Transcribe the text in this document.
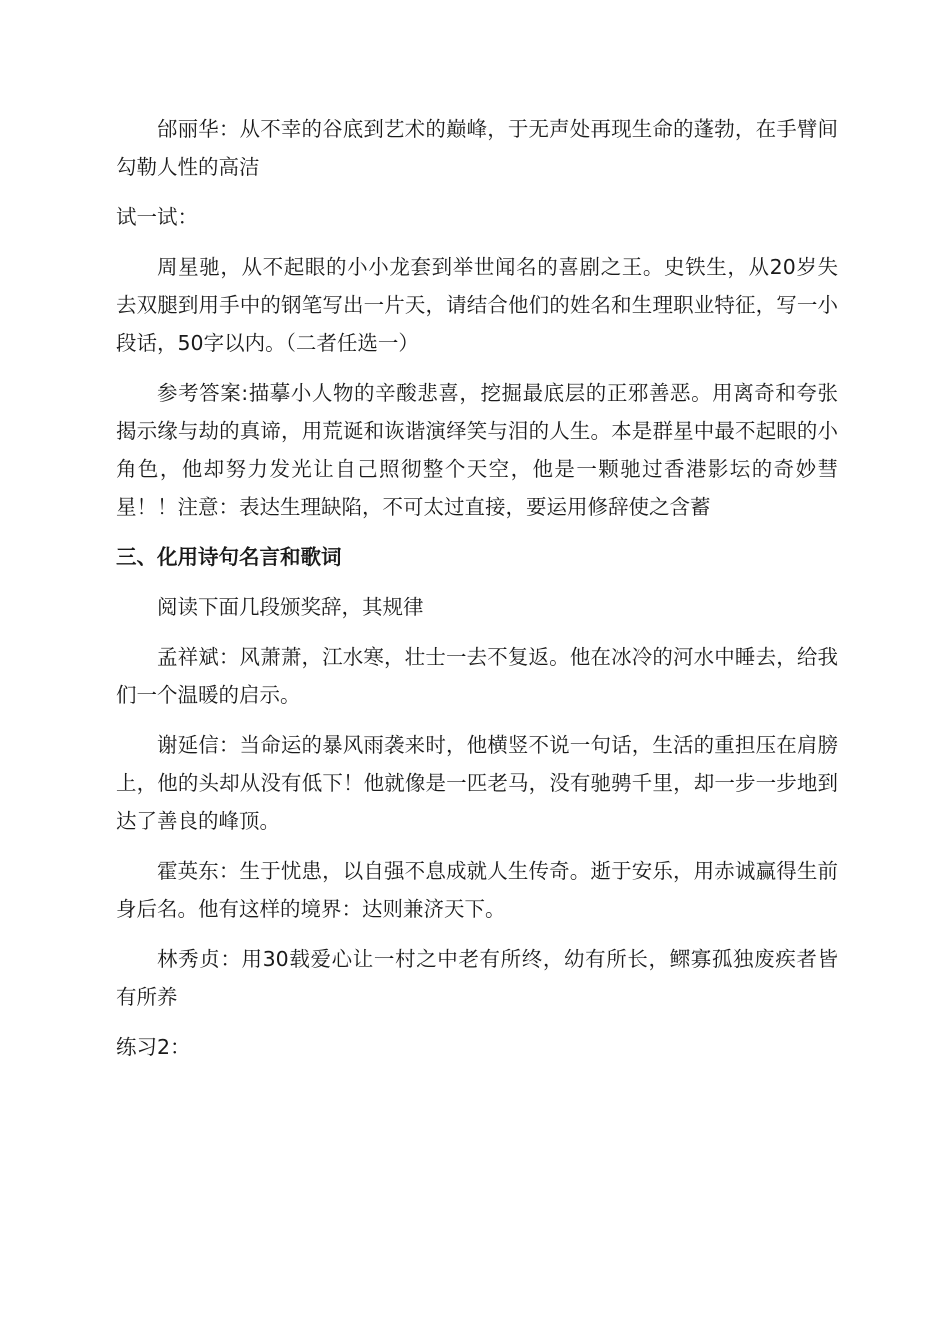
邰丽华：从不幸的谷底到艺术的巅峰，于无声处再现生命的蓬勃，在手臂间勾勒人性的高洁

试一试：

周星驰，从不起眼的小小龙套到举世闻名的喜剧之王。史铁生，从20岁失去双腿到用手中的钢笔写出一片天，请结合他们的姓名和生理职业特征，写一小段话，50字以内。（二者任选一）

参考答案:描摹小人物的辛酸悲喜，挖掘最底层的正邪善恶。用离奇和夸张揭示缘与劫的真谛，用荒诞和诙谐演绎笑与泪的人生。本是群星中最不起眼的小角色，他却努力发光让自己照彻整个天空，他是一颗驰过香港影坛的奇妙彗星！！注意：表达生理缺陷，不可太过直接，要运用修辞使之含蓄

三、化用诗句名言和歌词

阅读下面几段颁奖辞，其规律

孟祥斌：风萧萧，江水寒，壮士一去不复返。他在冰冷的河水中睡去，给我们一个温暖的启示。

谢延信：当命运的暴风雨袭来时，他横竖不说一句话，生活的重担压在肩膀上，他的头却从没有低下！他就像是一匹老马，没有驰骋千里，却一步一步地到达了善良的峰顶。

霍英东：生于忧患，以自强不息成就人生传奇。逝于安乐，用赤诚赢得生前身后名。他有这样的境界：达则兼济天下。

林秀贞：用30载爱心让一村之中老有所终，幼有所长，鳏寡孤独废疾者皆有所养

练习2：
